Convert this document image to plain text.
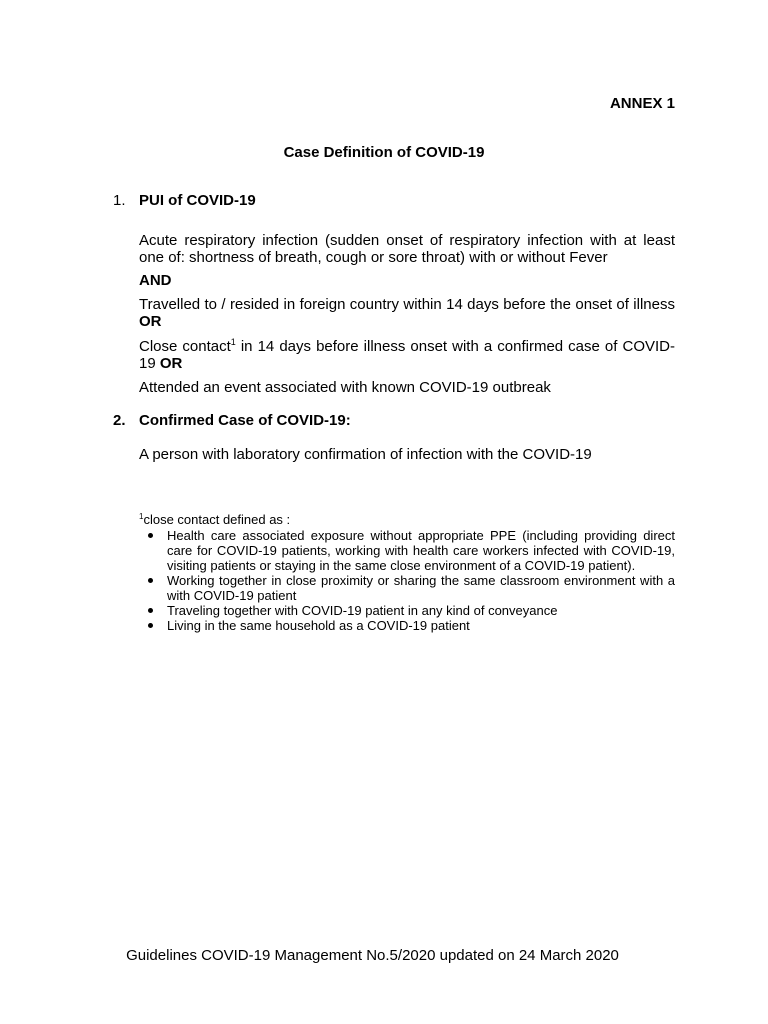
ANNEX 1
Case Definition of COVID-19
1. PUI of COVID-19
Acute respiratory infection (sudden onset of respiratory infection with at least one of: shortness of breath, cough or sore throat) with or without Fever
AND
Travelled to / resided in foreign country within 14 days before the onset of illness OR
Close contact$^1$ in 14 days before illness onset with a confirmed case of COVID-19 OR
Attended an event associated with known COVID-19 outbreak
2. Confirmed Case of COVID-19:
A person with laboratory confirmation of infection with the COVID-19
$^1$close contact defined as :
Health care associated exposure without appropriate PPE (including providing direct care for COVID-19 patients, working with health care workers infected with COVID-19, visiting patients or staying in the same close environment of a COVID-19 patient).
Working together in close proximity or sharing the same classroom environment with a with COVID-19 patient
Traveling together with COVID-19 patient in any kind of conveyance
Living in the same household as a COVID-19 patient
Guidelines COVID-19 Management No.5/2020 updated on 24 March 2020
